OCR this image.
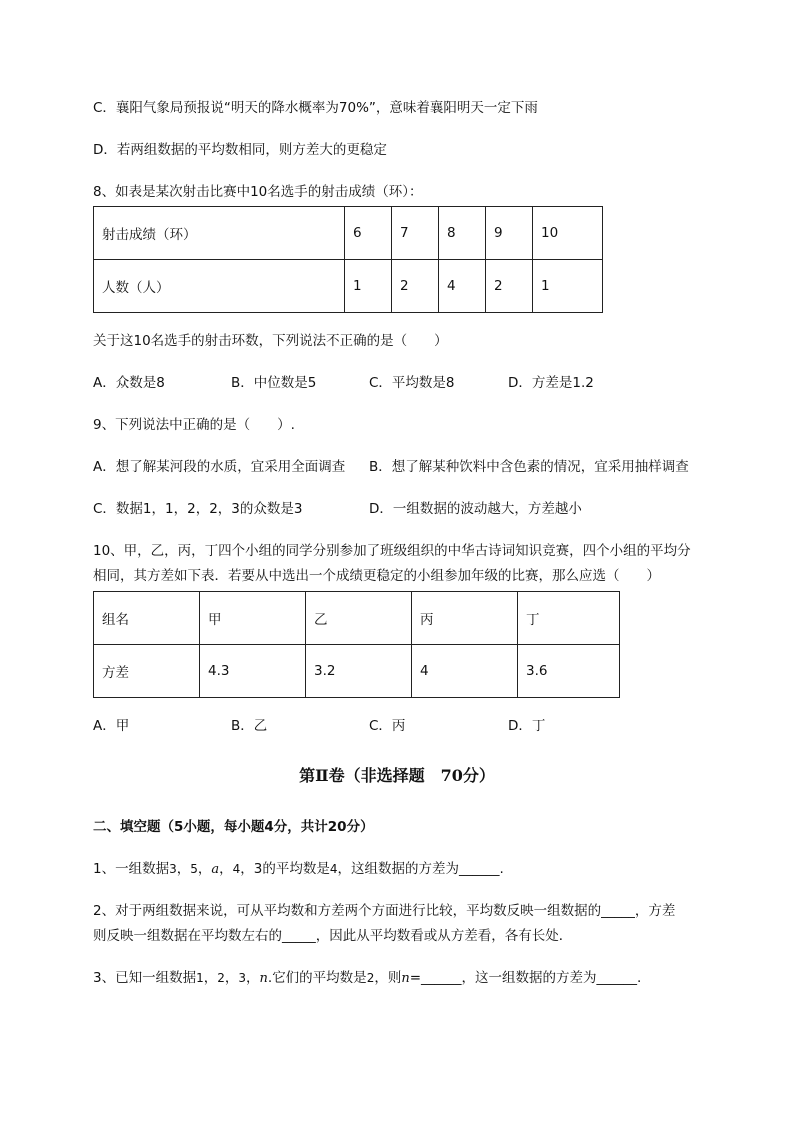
C．襄阳气象局预报说“明天的降水概率为70%”，意味着襄阳明天一定下雨
D．若两组数据的平均数相同，则方差大的更稳定
8、如表是某次射击比赛中10名选手的射击成绩（环）：
射击成绩（环）	6	7	8	9	10
人数（人）	1	2	4	2	1
关于这10名选手的射击环数，下列说法不正确的是（　　）
A．众数是8	B．中位数是5	C．平均数是8	D．方差是1.2
9、下列说法中正确的是（　　）.
A．想了解某河段的水质，宜采用全面调查 B．想了解某种饮料中含色素的情况，宜采用抽样调查
C．数据1，1，2，2，3的众数是3	D．一组数据的波动越大，方差越小
10、甲，乙，丙，丁四个小组的同学分别参加了班级组织的中华古诗词知识竞赛，四个小组的平均分
相同，其方差如下表．若要从中选出一个成绩更稳定的小组参加年级的比赛，那么应选（　　）
组名	甲	乙	丙	丁
方差	4.3	3.2	4	3.6
A．甲	B．乙	C．丙	D．丁
第Ⅱ卷（非选择题　70分）
二、填空题（5小题，每小题4分，共计20分）
1、一组数据3，5，a，4，3的平均数是4，这组数据的方差为______.
2、对于两组数据来说，可从平均数和方差两个方面进行比较，平均数反映一组数据的_____，方差
则反映一组数据在平均数左右的_____，因此从平均数看或从方差看，各有长处．
3、已知一组数据1，2，3，n.它们的平均数是2，则n=______，这一组数据的方差为______.
